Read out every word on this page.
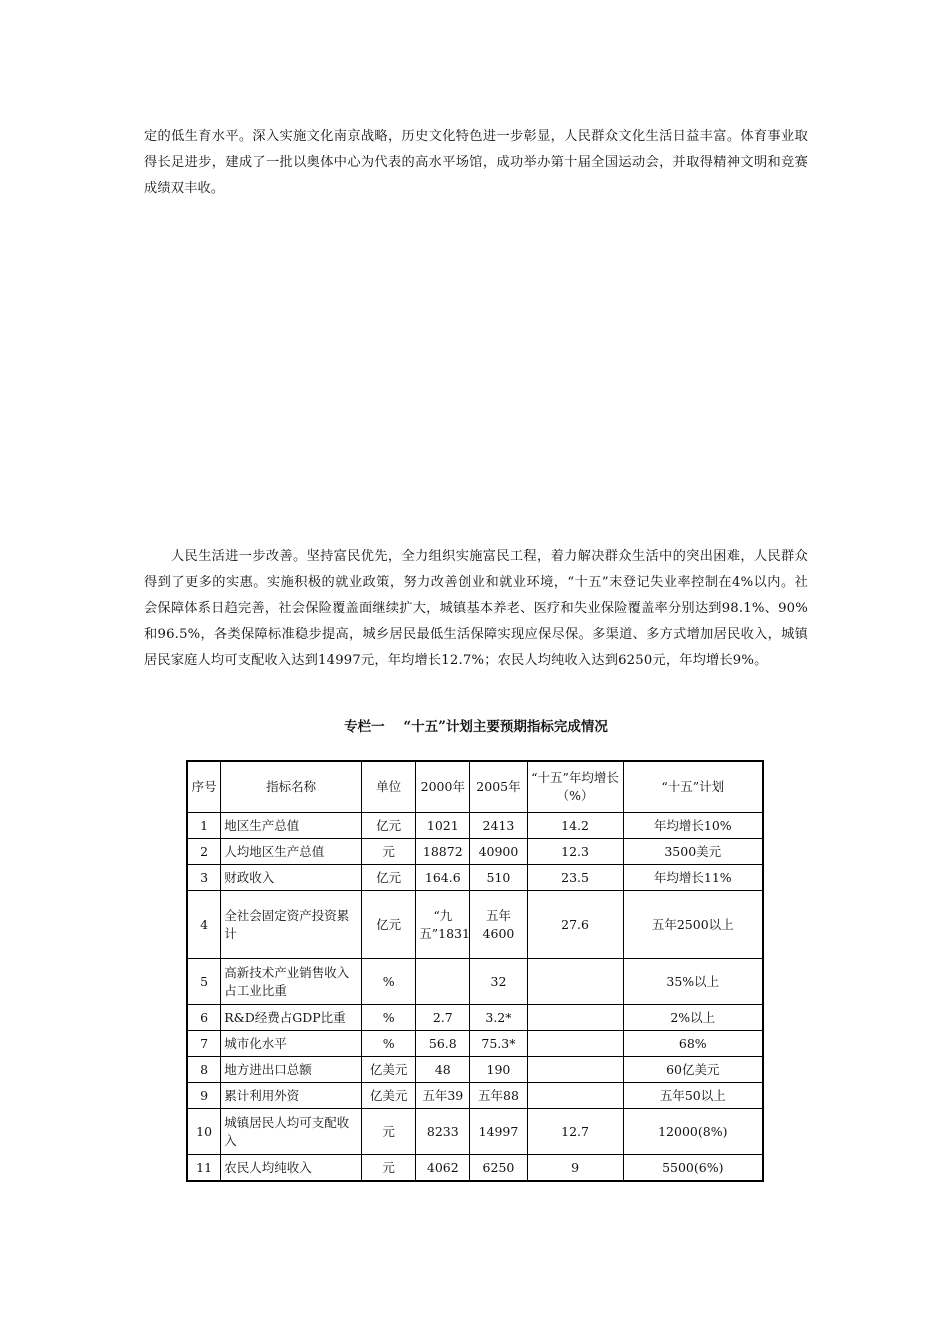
定的低生育水平。深入实施文化南京战略，历史文化特色进一步彰显，人民群众文化生活日益丰富。体育事业取得长足进步，建成了一批以奥体中心为代表的高水平场馆，成功举办第十届全国运动会，并取得精神文明和竞赛成绩双丰收。

人民生活进一步改善。坚持富民优先，全力组织实施富民工程，着力解决群众生活中的突出困难，人民群众得到了更多的实惠。实施积极的就业政策，努力改善创业和就业环境，“十五”末登记失业率控制在4%以内。社会保障体系日趋完善，社会保险覆盖面继续扩大，城镇基本养老、医疗和失业保险覆盖率分别达到98.1%、90%和96.5%，各类保障标准稳步提高，城乡居民最低生活保障实现应保尽保。多渠道、多方式增加居民收入，城镇居民家庭人均可支配收入达到14997元，年均增长12.7%；农民人均纯收入达到6250元，年均增长9%。

专栏一    “十五”计划主要预期指标完成情况
序号	指标名称	单位	2000年	2005年	“十五”年均增长（%）	“十五”计划
1	地区生产总值	亿元	1021	2413	14.2	年均增长10%
2	人均地区生产总值	元	18872	40900	12.3	3500美元
3	财政收入	亿元	164.6	510	23.5	年均增长11%
4	全社会固定资产投资累计	亿元	“九五”1831	五年4600	27.6	五年2500以上
5	高新技术产业销售收入占工业比重	%		32		35%以上
6	R&D经费占GDP比重	%	2.7	3.2*		2%以上
7	城市化水平	%	56.8	75.3*		68%
8	地方进出口总额	亿美元	48	190		60亿美元
9	累计利用外资	亿美元	五年39	五年88		五年50以上
10	城镇居民人均可支配收入	元	8233	14997	12.7	12000(8%)
11	农民人均纯收入	元	4062	6250	9	5500(6%)
